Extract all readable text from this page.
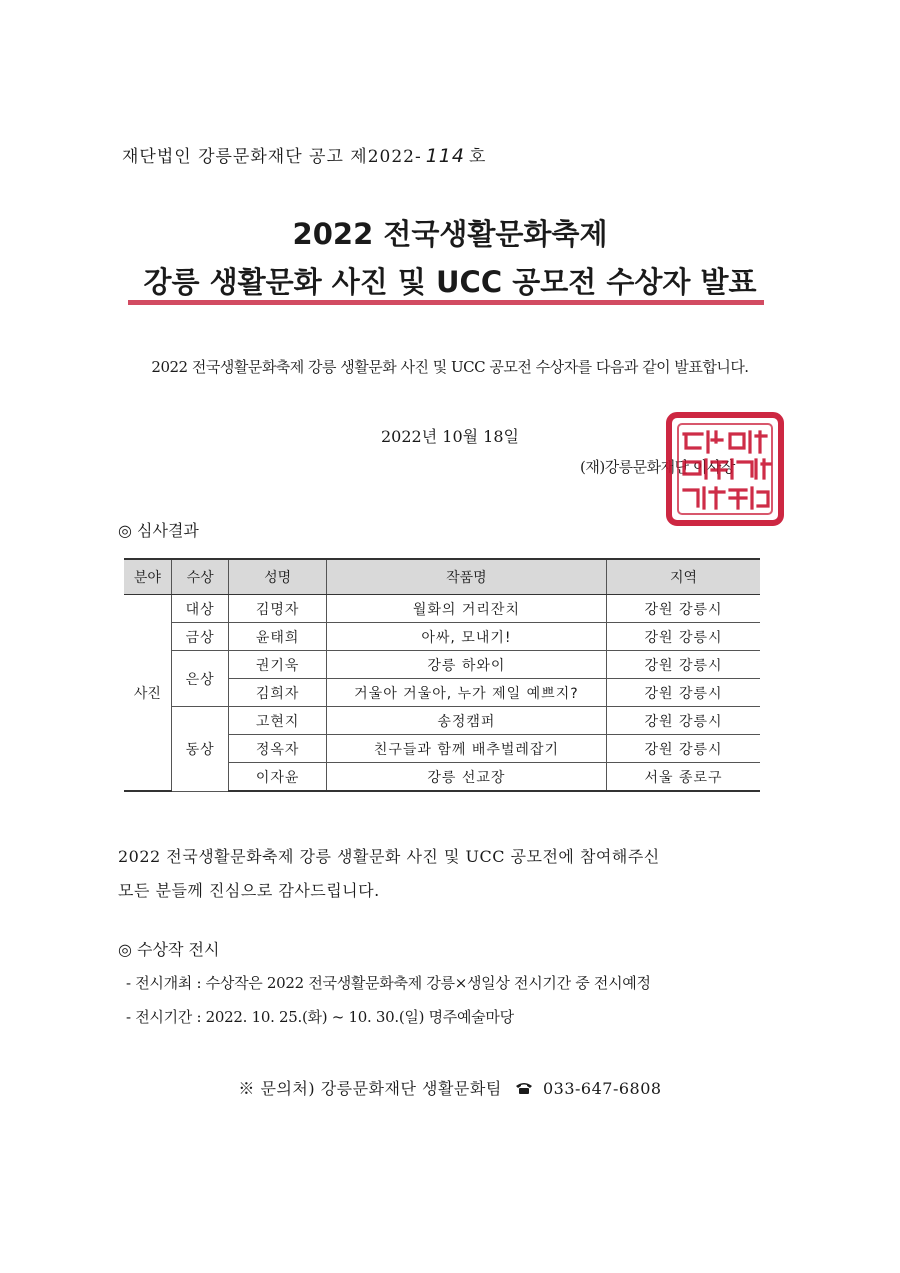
재단법인 강릉문화재단 공고 제2022- 114 호
2022 전국생활문화축제
강릉 생활문화 사진 및 UCC 공모전 수상자 발표
2022 전국생활문화축제 강릉 생활문화 사진 및 UCC 공모전 수상자를 다음과 같이 발표합니다.
2022년 10월 18일
(재)강릉문화재단 이사장
◎ 심사결과
분야	수상	성명	작품명	지역
사진	대상	김명자	월화의 거리잔치	강원 강릉시
	금상	윤태희	아싸, 모내기!	강원 강릉시
	은상	권기욱	강릉 하와이	강원 강릉시
		김희자	거울아 거울아, 누가 제일 예쁘지?	강원 강릉시
	동상	고현지	송정캠퍼	강원 강릉시
		정옥자	친구들과 함께 배추벌레잡기	강원 강릉시
		이자윤	강릉 선교장	서울 종로구
2022 전국생활문화축제 강릉 생활문화 사진 및 UCC 공모전에 참여해주신
모든 분들께 진심으로 감사드립니다.
◎ 수상작 전시
- 전시개최 : 수상작은 2022 전국생활문화축제 강릉×생일상 전시기간 중 전시예정
- 전시기간 : 2022. 10. 25.(화) ~ 10. 30.(일) 명주예술마당
※ 문의처) 강릉문화재단 생활문화팀	033-647-6808
